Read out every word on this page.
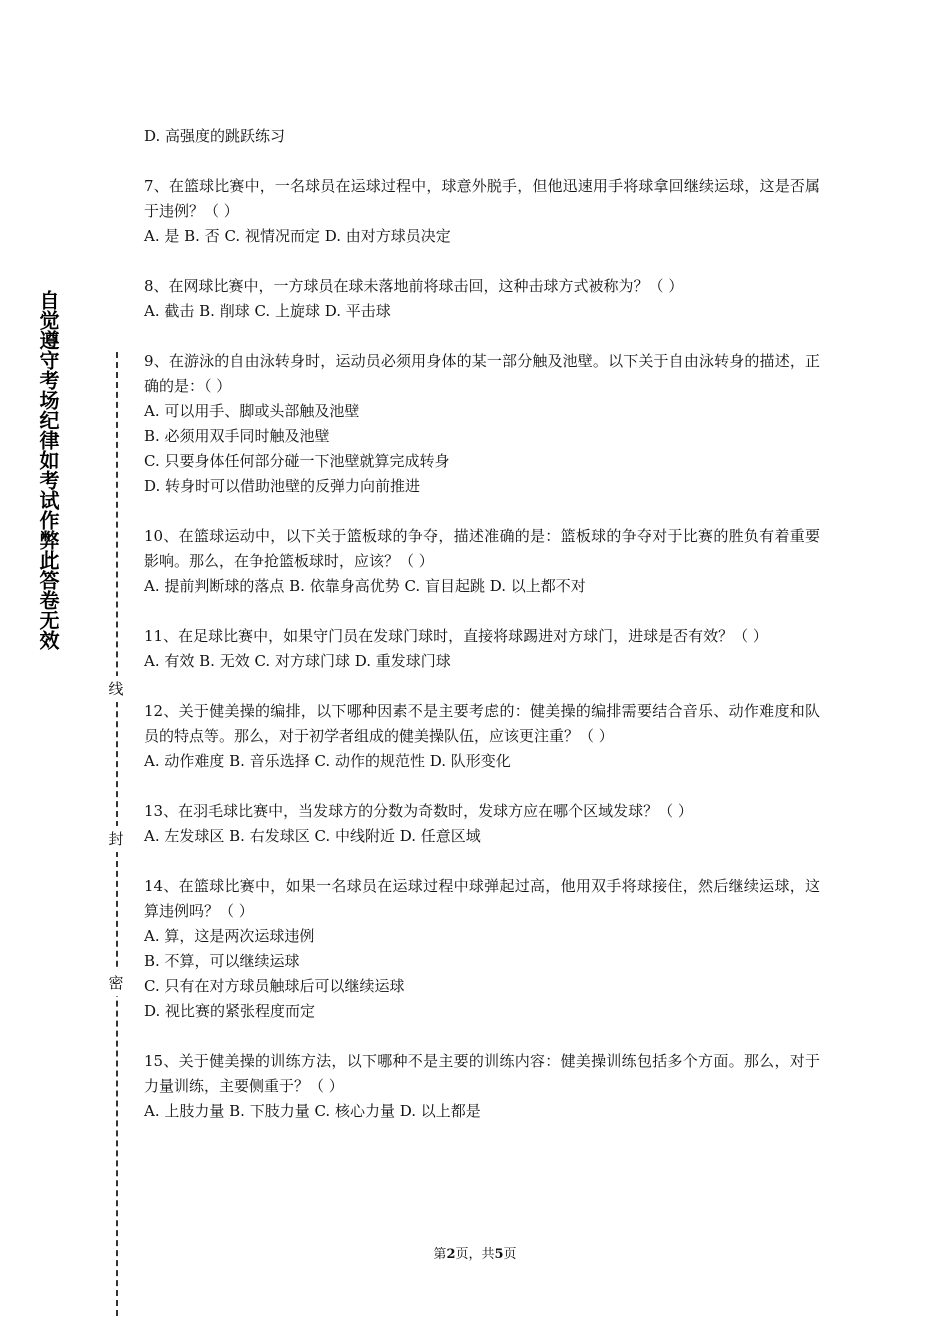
自觉遵守考场纪律如考试作弊此答卷无效
线
封
密
D. 高强度的跳跃练习
7、在篮球比赛中，一名球员在运球过程中，球意外脱手，但他迅速用手将球拿回继续运球，这是否属于违例？（ ）
A. 是 B. 否 C. 视情况而定 D. 由对方球员决定
8、在网球比赛中，一方球员在球未落地前将球击回，这种击球方式被称为？（ ）
A. 截击 B. 削球 C. 上旋球 D. 平击球
9、在游泳的自由泳转身时，运动员必须用身体的某一部分触及池壁。以下关于自由泳转身的描述，正确的是：（ ）
A. 可以用手、脚或头部触及池壁
B. 必须用双手同时触及池壁
C. 只要身体任何部分碰一下池壁就算完成转身
D. 转身时可以借助池壁的反弹力向前推进
10、在篮球运动中，以下关于篮板球的争夺，描述准确的是：篮板球的争夺对于比赛的胜负有着重要影响。那么，在争抢篮板球时，应该？（ ）
A. 提前判断球的落点 B. 依靠身高优势 C. 盲目起跳 D. 以上都不对
11、在足球比赛中，如果守门员在发球门球时，直接将球踢进对方球门，进球是否有效？（ ）
A. 有效 B. 无效 C. 对方球门球 D. 重发球门球
12、关于健美操的编排，以下哪种因素不是主要考虑的：健美操的编排需要结合音乐、动作难度和队员的特点等。那么，对于初学者组成的健美操队伍，应该更注重？（ ）
A. 动作难度 B. 音乐选择 C. 动作的规范性 D. 队形变化
13、在羽毛球比赛中，当发球方的分数为奇数时，发球方应在哪个区域发球？（ ）
A. 左发球区 B. 右发球区 C. 中线附近 D. 任意区域
14、在篮球比赛中，如果一名球员在运球过程中球弹起过高，他用双手将球接住，然后继续运球，这算违例吗？（ ）
A. 算，这是两次运球违例
B. 不算，可以继续运球
C. 只有在对方球员触球后可以继续运球
D. 视比赛的紧张程度而定
15、关于健美操的训练方法，以下哪种不是主要的训练内容：健美操训练包括多个方面。那么，对于力量训练，主要侧重于？（ ）
A. 上肢力量 B. 下肢力量 C. 核心力量 D. 以上都是
第2页，共5页
